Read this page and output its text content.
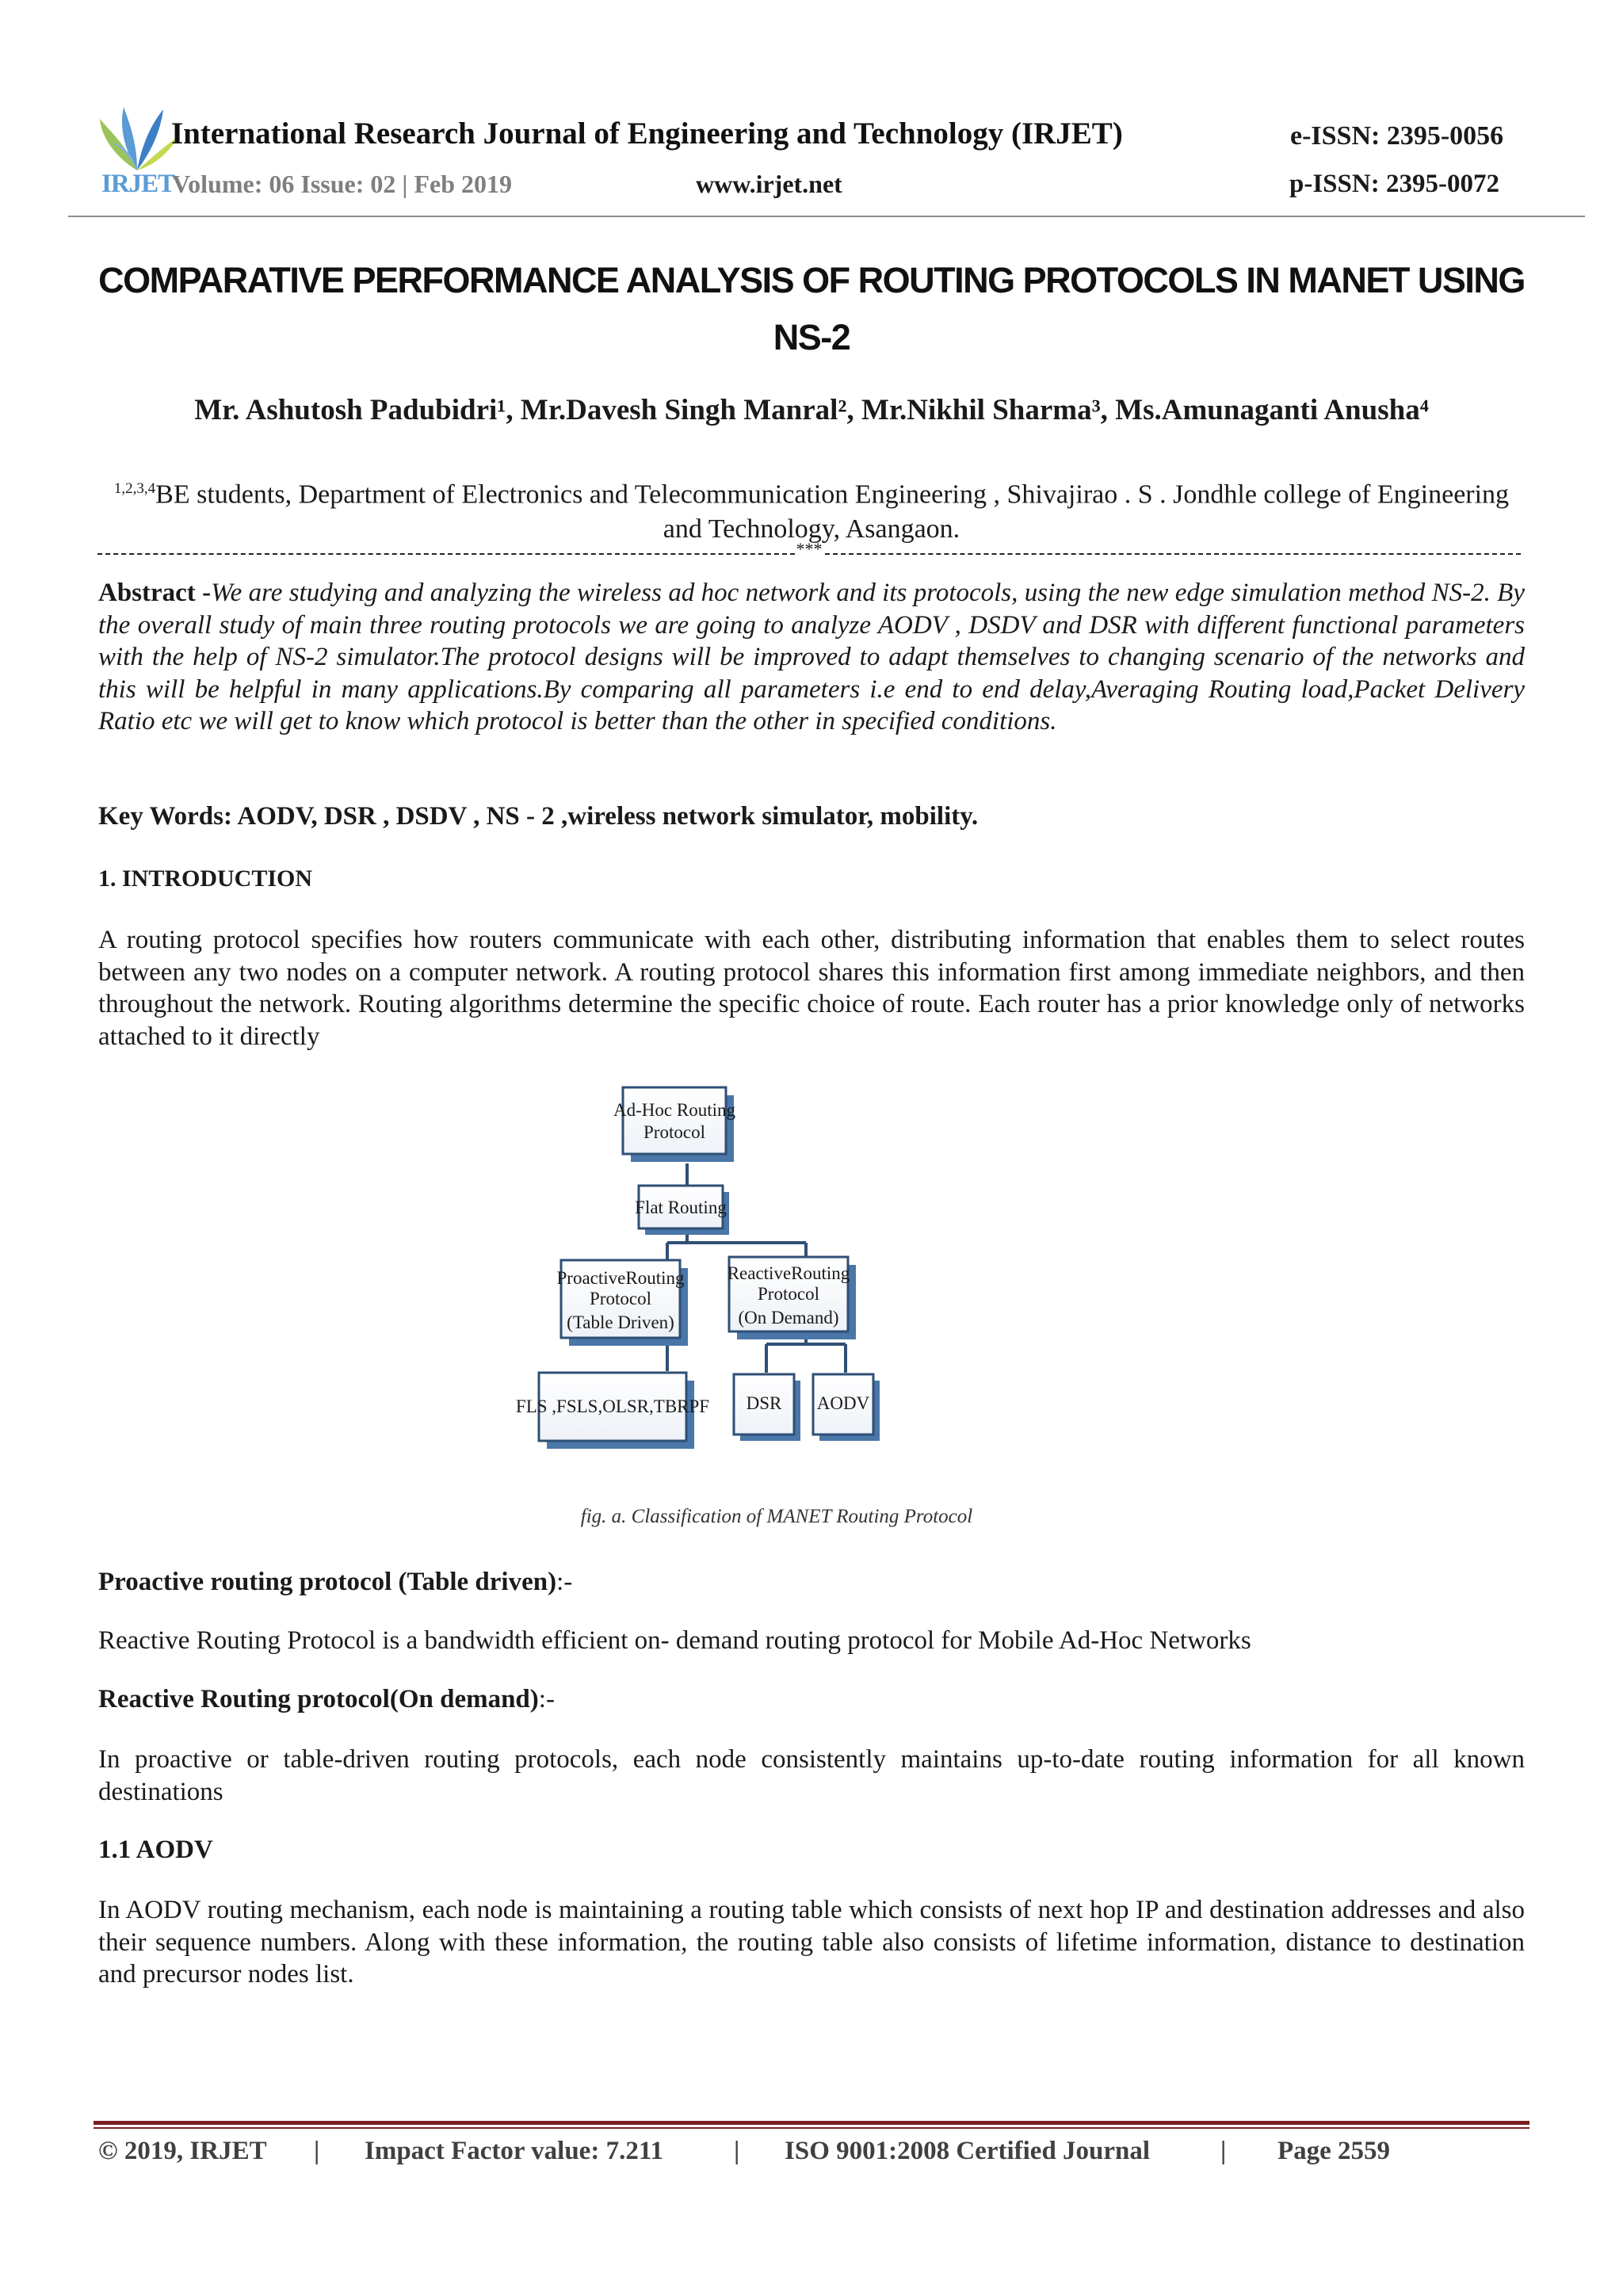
International Research Journal of Engineering and Technology (IRJET)	e-ISSN: 2395-0056
IRJET
Volume: 06 Issue: 02 | Feb 2019	www.irjet.net	p-ISSN: 2395-0072
COMPARATIVE PERFORMANCE ANALYSIS OF ROUTING PROTOCOLS IN MANET USING NS-2
Mr. Ashutosh Padubidri¹, Mr.Davesh Singh Manral², Mr.Nikhil Sharma³, Ms.Amunaganti Anusha⁴
$^{1,2,3,4}$BE students, Department of Electronics and Telecommunication Engineering , Shivajirao . S . Jondhle college of Engineering and Technology, Asangaon.
***
Abstract -We are studying and analyzing the wireless ad hoc network and its protocols, using the new edge simulation method NS-2. By the overall study of main three routing protocols we are going to analyze AODV , DSDV and DSR with different functional parameters with the help of NS-2 simulator.The protocol designs will be improved to adapt themselves to changing scenario of the networks and this will be helpful in many applications.By comparing all parameters i.e end to end delay,Averaging Routing load,Packet Delivery Ratio etc we will get to know which protocol is better than the other in specified conditions.
Key Words: AODV, DSR , DSDV , NS - 2 ,wireless network simulator, mobility.
1. INTRODUCTION
A routing protocol specifies how routers communicate with each other, distributing information that enables them to select routes between any two nodes on a computer network. A routing protocol shares this information first among immediate neighbors, and then throughout the network. Routing algorithms determine the specific choice of route. Each router has a prior knowledge only of networks attached to it directly
Ad-Hoc Routing
Protocol
Flat Routing
ProactiveRouting
Protocol
(Table Driven)
ReactiveRouting
Protocol
(On Demand)
FLS ,FSLS,OLSR,TBRPF DSR AODV
fig. a. Classification of MANET Routing Protocol
Proactive routing protocol (Table driven):-
Reactive Routing Protocol is a bandwidth efficient on- demand routing protocol for Mobile Ad-Hoc Networks
Reactive Routing protocol(On demand):-
In proactive or table-driven routing protocols, each node consistently maintains up-to-date routing information for all known destinations
1.1 AODV
In AODV routing mechanism, each node is maintaining a routing table which consists of next hop IP and destination addresses and also their sequence numbers. Along with these information, the routing table also consists of lifetime information, distance to destination and precursor nodes list.
© 2019, IRJET | Impact Factor value: 7.211	| ISO 9001:2008 Certified Journal	| Page 2559
